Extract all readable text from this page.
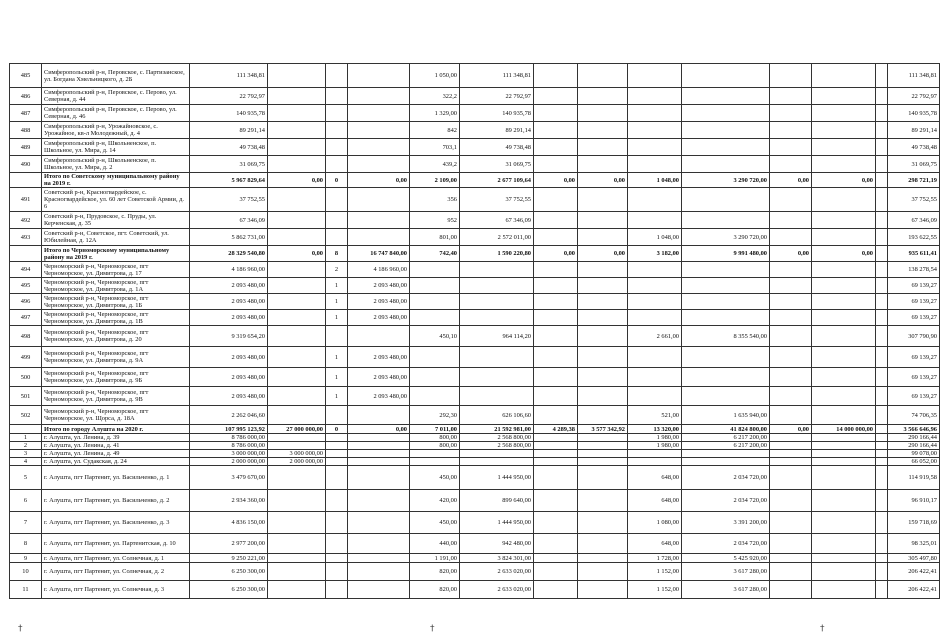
485	Симферопольский р-н, Перовское, с. Партизанское, ул. Богдана Хмельницкого, д. 2Б	111 348,81				1 050,00	111 348,81								111 348,81
486	Симферопольский р-н, Перовское, с. Перово, ул. Северная, д. 44	22 792,97				322,2	22 792,97								22 792,97
487	Симферопольский р-н, Перовское, с. Перово, ул. Северная, д. 46	140 935,78				1 329,00	140 935,78								140 935,78
488	Симферопольский р-н, Урожайновское, с. Урожайное, кв-л Молодежный, д. 4	89 291,14				842	89 291,14								89 291,14
489	Симферопольский р-н, Школьненское, п. Школьное, ул. Мира, д. 14	49 738,48				703,1	49 738,48								49 738,48
490	Симферопольский р-н, Школьненское, п. Школьное, ул. Мира, д. 2	31 069,75				439,2	31 069,75								31 069,75
	Итого по Советскому муниципальному району на 2019 г.	5 967 829,64	0,00	0	0,00	2 109,00	2 677 109,64	0,00	0,00	1 048,00	3 290 720,00	0,00	0,00		298 721,19
491	Советский р-н, Красногвардейское, с. Красногвардейское, ул. 60 лет Советской Армии, д. 6	37 752,55				356	37 752,55								37 752,55
492	Советский р-н, Прудовское, с. Пруды, ул. Керченская, д. 35	67 346,09				952	67 346,09								67 346,09
493	Советский р-н, Советское, пгт. Советский, ул. Юбилейная, д. 12А	5 862 731,00				801,00	2 572 011,00			1 048,00	3 290 720,00				193 622,55
	Итого по Черноморскому муниципальному району на 2019 г.	28 329 540,80	0,00	8	16 747 840,00	742,40	1 590 220,80	0,00	0,00	3 182,00	9 991 480,00	0,00	0,00		935 611,41
494	Черноморский р-н, Черноморское, пгт Черноморское, ул. Димитрова, д. 17	4 186 960,00		2	4 186 960,00										138 278,54
495	Черноморский р-н, Черноморское, пгт Черноморское, ул. Димитрова, д. 1А	2 093 480,00		1	2 093 480,00										69 139,27
496	Черноморский р-н, Черноморское, пгт Черноморское, ул. Димитрова, д. 1Б	2 093 480,00		1	2 093 480,00										69 139,27
497	Черноморский р-н, Черноморское, пгт Черноморское, ул. Димитрова, д. 1В	2 093 480,00		1	2 093 480,00										69 139,27
498	Черноморский р-н, Черноморское, пгт Черноморское, ул. Димитрова, д. 20	9 319 654,20				450,10	964 114,20			2 661,00	8 355 540,00				307 790,90
499	Черноморский р-н, Черноморское, пгт Черноморское, ул. Димитрова, д. 9А	2 093 480,00		1	2 093 480,00										69 139,27
500	Черноморский р-н, Черноморское, пгт Черноморское, ул. Димитрова, д. 9Б	2 093 480,00		1	2 093 480,00										69 139,27
501	Черноморский р-н, Черноморское, пгт Черноморское, ул. Димитрова, д. 9В	2 093 480,00		1	2 093 480,00										69 139,27
502	Черноморский р-н, Черноморское, пгт Черноморское, ул. Щорса, д. 18А	2 262 046,60				292,30	626 106,60			521,00	1 635 940,00				74 706,35
	Итого по городу Алушта на 2020 г.	107 995 123,92	27 000 000,00	0	0,00	7 011,00	21 592 981,00	4 289,38	3 577 342,92	13 320,00	41 824 800,00	0,00	14 000 000,00		3 566 646,96
1	г. Алушта, ул. Ленина, д. 39	8 786 000,00				800,00	2 568 800,00			1 980,00	6 217 200,00				290 166,44
2	г. Алушта, ул. Ленина, д. 41	8 786 000,00				800,00	2 568 800,00			1 980,00	6 217 200,00				290 166,44
3	г. Алушта, ул. Ленина, д. 49	3 000 000,00	3 000 000,00												99 078,00
4	г. Алушта, ул. Судакская, д. 24	2 000 000,00	2 000 000,00												66 052,00
5	г. Алушта, пгт Партенит, ул. Васильченко, д. 1	3 479 670,00				450,00	1 444 950,00			648,00	2 034 720,00				114 919,58
6	г. Алушта, пгт Партенит, ул. Васильченко, д. 2	2 934 360,00				420,00	899 640,00			648,00	2 034 720,00				96 910,17
7	г. Алушта, пгт Партенит, ул. Васильченко, д. 3	4 836 150,00				450,00	1 444 950,00			1 080,00	3 391 200,00				159 718,69
8	г. Алушта, пгт Партенит, ул. Партенитская, д. 10	2 977 200,00				440,00	942 480,00			648,00	2 034 720,00				98 325,01
9	г. Алушта, пгт Партенит, ул. Солнечная, д. 1	9 250 221,00				1 191,00	3 824 301,00			1 728,00	5 425 920,00				305 497,80
10	г. Алушта, пгт Партенит, ул. Солнечная, д. 2	6 250 300,00				820,00	2 633 020,00			1 152,00	3 617 280,00				206 422,41
11	г. Алушта, пгт Партенит, ул. Солнечная, д. 3	6 250 300,00				820,00	2 633 020,00			1 152,00	3 617 280,00				206 422,41
†	†	†
